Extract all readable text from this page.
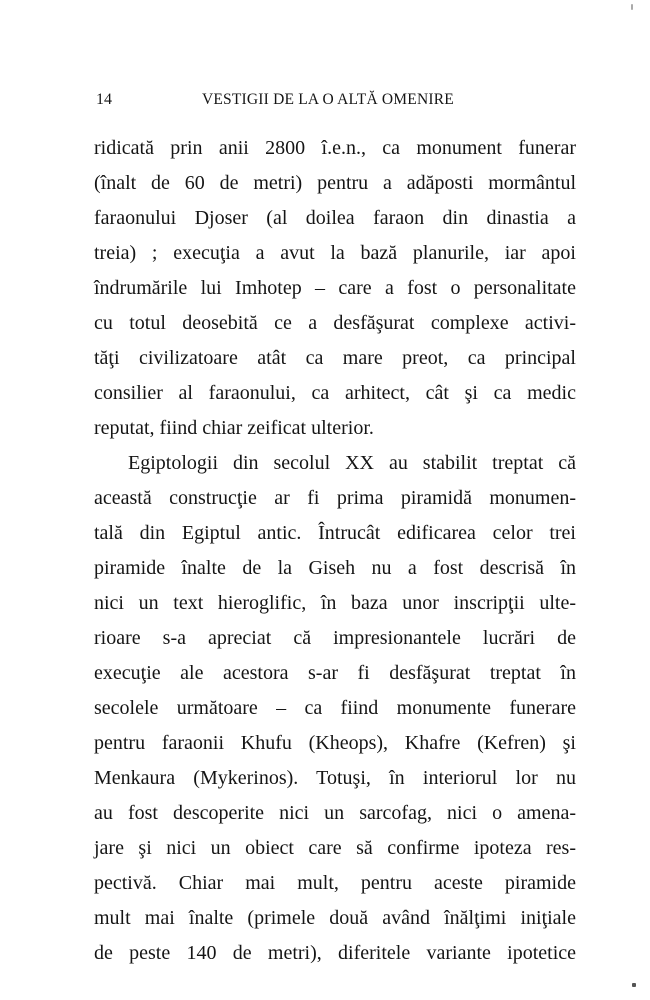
14	VESTIGII DE LA O ALTĂ OMENIRE
ridicată prin anii 2800 î.e.n., ca monument funerar
(înalt de 60 de metri) pentru a adăposti mormântul
faraonului Djoser (al doilea faraon din dinastia a
treia) ; execuţia a avut la bază planurile, iar apoi
îndrumările lui Imhotep – care a fost o personalitate
cu totul deosebită ce a desfăşurat complexe activi-
tăţi civilizatoare atât ca mare preot, ca principal
consilier al faraonului, ca arhitect, cât şi ca medic
reputat, fiind chiar zeificat ulterior.
Egiptologii din secolul XX au stabilit treptat că
această construcţie ar fi prima piramidă monumen-
tală din Egiptul antic. Întrucât edificarea celor trei
piramide înalte de la Giseh nu a fost descrisă în
nici un text hieroglific, în baza unor inscripţii ulte-
rioare s-a apreciat că impresionantele lucrări de
execuţie ale acestora s-ar fi desfăşurat treptat în
secolele următoare – ca fiind monumente funerare
pentru faraonii Khufu (Kheops), Khafre (Kefren) şi
Menkaura (Mykerinos). Totuşi, în interiorul lor nu
au fost descoperite nici un sarcofag, nici o amena-
jare şi nici un obiect care să confirme ipoteza res-
pectivă. Chiar mai mult, pentru aceste piramide
mult mai înalte (primele două având înălţimi iniţiale
de peste 140 de metri), diferitele variante ipotetice
